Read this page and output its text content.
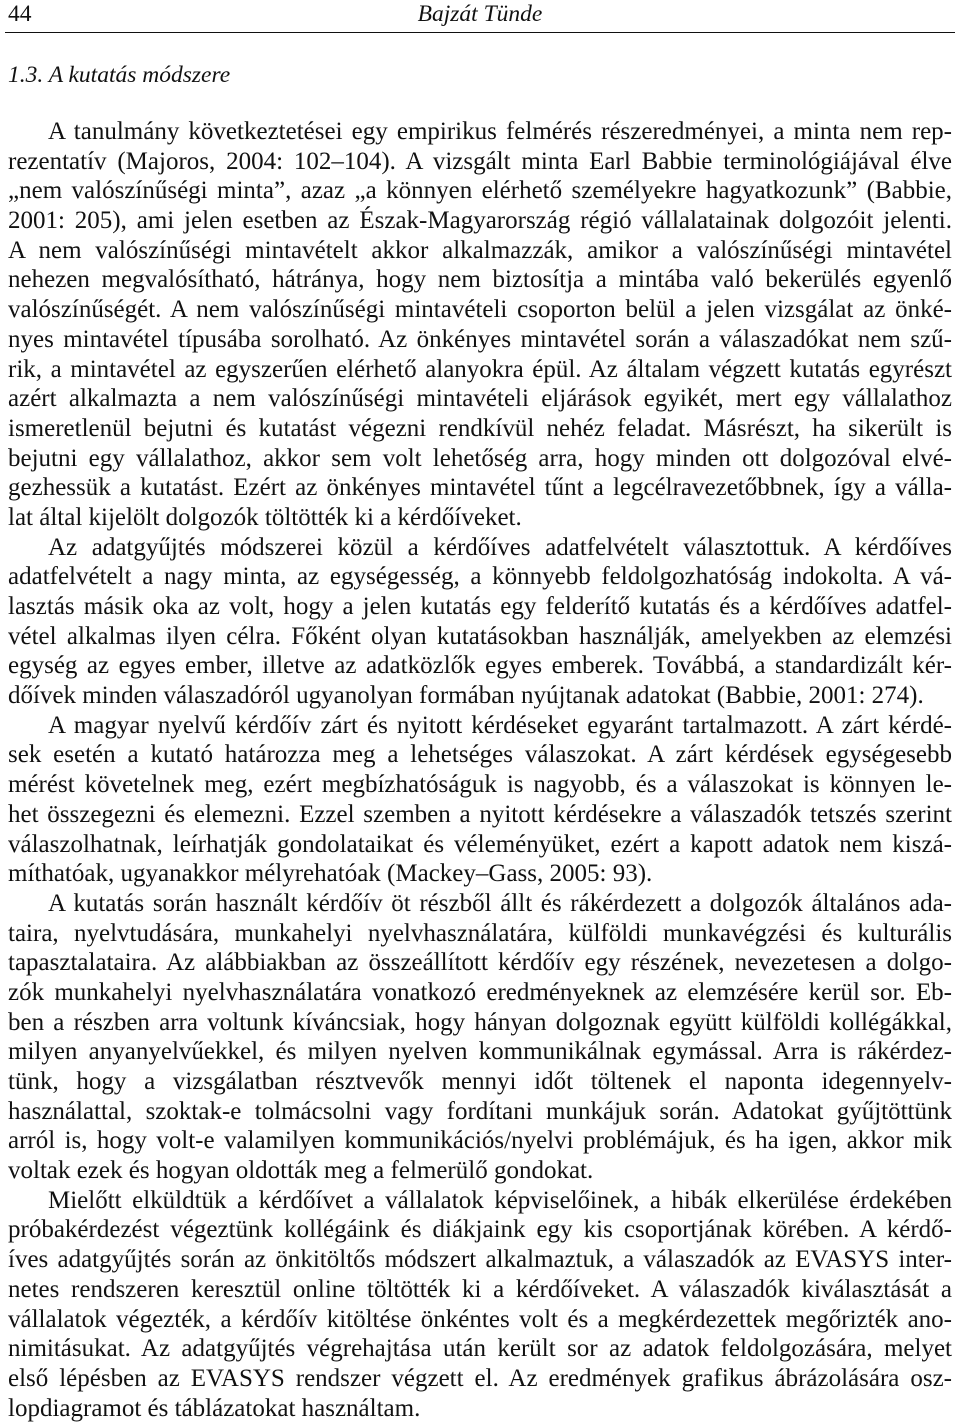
44	Bajzát Tünde
1.3. A kutatás módszere
A tanulmány következtetései egy empirikus felmérés részeredményei, a minta nem rep-
rezentatív (Majoros, 2004: 102–104). A vizsgált minta Earl Babbie terminológiájával élve
„nem valószínűségi minta”, azaz „a könnyen elérhető személyekre hagyatkozunk” (Babbie,
2001: 205), ami jelen esetben az Észak-Magyarország régió vállalatainak dolgozóit jelenti.
A nem valószínűségi mintavételt akkor alkalmazzák, amikor a valószínűségi mintavétel
nehezen megvalósítható, hátránya, hogy nem biztosítja a mintába való bekerülés egyenlő
valószínűségét. A nem valószínűségi mintavételi csoporton belül a jelen vizsgálat az önké-
nyes mintavétel típusába sorolható. Az önkényes mintavétel során a válaszadókat nem szű-
rik, a mintavétel az egyszerűen elérhető alanyokra épül. Az általam végzett kutatás egyrészt
azért alkalmazta a nem valószínűségi mintavételi eljárások egyikét, mert egy vállalathoz
ismeretlenül bejutni és kutatást végezni rendkívül nehéz feladat. Másrészt, ha sikerült is
bejutni egy vállalathoz, akkor sem volt lehetőség arra, hogy minden ott dolgozóval elvé-
gezhessük a kutatást. Ezért az önkényes mintavétel tűnt a legcélravezetőbbnek, így a válla-
lat által kijelölt dolgozók töltötték ki a kérdőíveket.
Az adatgyűjtés módszerei közül a kérdőíves adatfelvételt választottuk. A kérdőíves
adatfelvételt a nagy minta, az egységesség, a könnyebb feldolgozhatóság indokolta. A vá-
lasztás másik oka az volt, hogy a jelen kutatás egy felderítő kutatás és a kérdőíves adatfel-
vétel alkalmas ilyen célra. Főként olyan kutatásokban használják, amelyekben az elemzési
egység az egyes ember, illetve az adatközlők egyes emberek. Továbbá, a standardizált kér-
dőívek minden válaszadóról ugyanolyan formában nyújtanak adatokat (Babbie, 2001: 274).
A magyar nyelvű kérdőív zárt és nyitott kérdéseket egyaránt tartalmazott. A zárt kérdé-
sek esetén a kutató határozza meg a lehetséges válaszokat. A zárt kérdések egységesebb
mérést követelnek meg, ezért megbízhatóságuk is nagyobb, és a válaszokat is könnyen le-
het összegezni és elemezni. Ezzel szemben a nyitott kérdésekre a válaszadók tetszés szerint
válaszolhatnak, leírhatják gondolataikat és véleményüket, ezért a kapott adatok nem kiszá-
míthatóak, ugyanakkor mélyrehatóak (Mackey–Gass, 2005: 93).
A kutatás során használt kérdőív öt részből állt és rákérdezett a dolgozók általános ada-
taira, nyelvtudására, munkahelyi nyelvhasználatára, külföldi munkavégzési és kulturális
tapasztalataira. Az alábbiakban az összeállított kérdőív egy részének, nevezetesen a dolgo-
zók munkahelyi nyelvhasználatára vonatkozó eredményeknek az elemzésére kerül sor. Eb-
ben a részben arra voltunk kíváncsiak, hogy hányan dolgoznak együtt külföldi kollégákkal,
milyen anyanyelvűekkel, és milyen nyelven kommunikálnak egymással. Arra is rákérdez-
tünk, hogy a vizsgálatban résztvevők mennyi időt töltenek el naponta idegennyelv-
használattal, szoktak-e tolmácsolni vagy fordítani munkájuk során. Adatokat gyűjtöttünk
arról is, hogy volt-e valamilyen kommunikációs/nyelvi problémájuk, és ha igen, akkor mik
voltak ezek és hogyan oldották meg a felmerülő gondokat.
Mielőtt elküldtük a kérdőívet a vállalatok képviselőinek, a hibák elkerülése érdekében
próbakérdezést végeztünk kollégáink és diákjaink egy kis csoportjának körében. A kérdő-
íves adatgyűjtés során az önkitöltős módszert alkalmaztuk, a válaszadók az EVASYS inter-
netes rendszeren keresztül online töltötték ki a kérdőíveket. A válaszadók kiválasztását a
vállalatok végezték, a kérdőív kitöltése önkéntes volt és a megkérdezettek megőrizték ano-
nimitásukat. Az adatgyűjtés végrehajtása után került sor az adatok feldolgozására, melyet
első lépésben az EVASYS rendszer végzett el. Az eredmények grafikus ábrázolására osz-
lopdiagramot és táblázatokat használtam.
